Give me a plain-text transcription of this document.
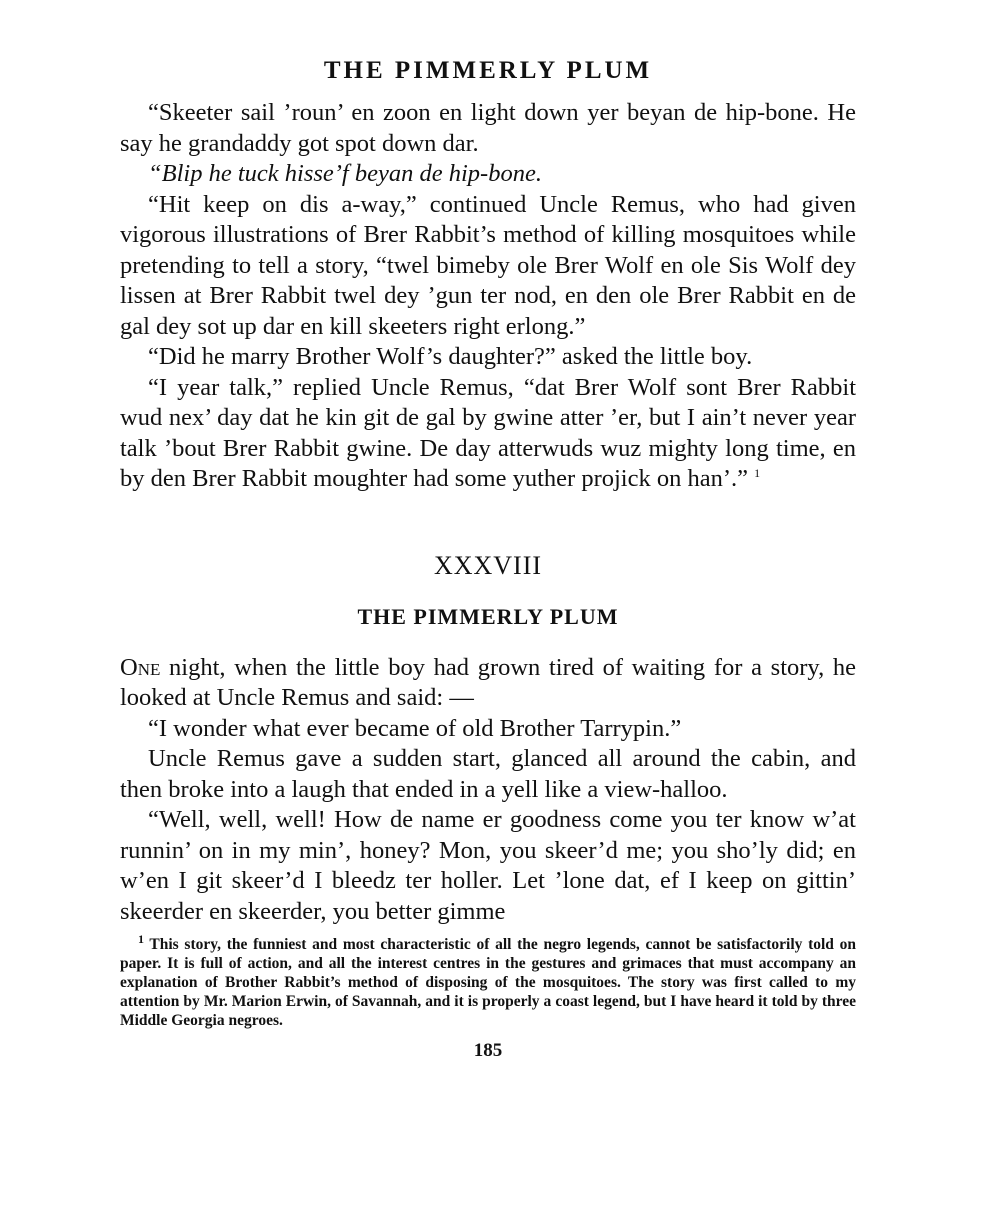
THE PIMMERLY PLUM

“Skeeter sail ’roun’ en zoon en light down yer beyan de hip-bone. He say he grandaddy got spot down dar.

“Blip he tuck hisse’f beyan de hip-bone.

“Hit keep on dis a-way,” continued Uncle Remus, who had given vigorous illustrations of Brer Rabbit’s method of killing mosquitoes while pretending to tell a story, “twel bimeby ole Brer Wolf en ole Sis Wolf dey lissen at Brer Rabbit twel dey ’gun ter nod, en den ole Brer Rabbit en de gal dey sot up dar en kill skeeters right erlong.”

“Did he marry Brother Wolf’s daughter?” asked the little boy.

“I year talk,” replied Uncle Remus, “dat Brer Wolf sont Brer Rabbit wud nex’ day dat he kin git de gal by gwine atter ’er, but I ain’t never year talk ’bout Brer Rabbit gwine. De day atterwuds wuz mighty long time, en by den Brer Rabbit moughter had some yuther projick on han’.” $^1$

XXXVIII
THE PIMMERLY PLUM

One night, when the little boy had grown tired of waiting for a story, he looked at Uncle Remus and said: —

“I wonder what ever became of old Brother Tarrypin.”

Uncle Remus gave a sudden start, glanced all around the cabin, and then broke into a laugh that ended in a yell like a view-halloo.

“Well, well, well! How de name er goodness come you ter know w’at runnin’ on in my min’, honey? Mon, you skeer’d me; you sho’ly did; en w’en I git skeer’d I bleedz ter holler. Let ’lone dat, ef I keep on gittin’ skeerder en skeerder, you better gimme

$^1$ This story, the funniest and most characteristic of all the negro legends, cannot be satisfactorily told on paper. It is full of action, and all the interest centres in the gestures and grimaces that must accompany an explanation of Brother Rabbit’s method of disposing of the mosquitoes. The story was first called to my attention by Mr. Marion Erwin, of Savannah, and it is properly a coast legend, but I have heard it told by three Middle Georgia negroes.

185
